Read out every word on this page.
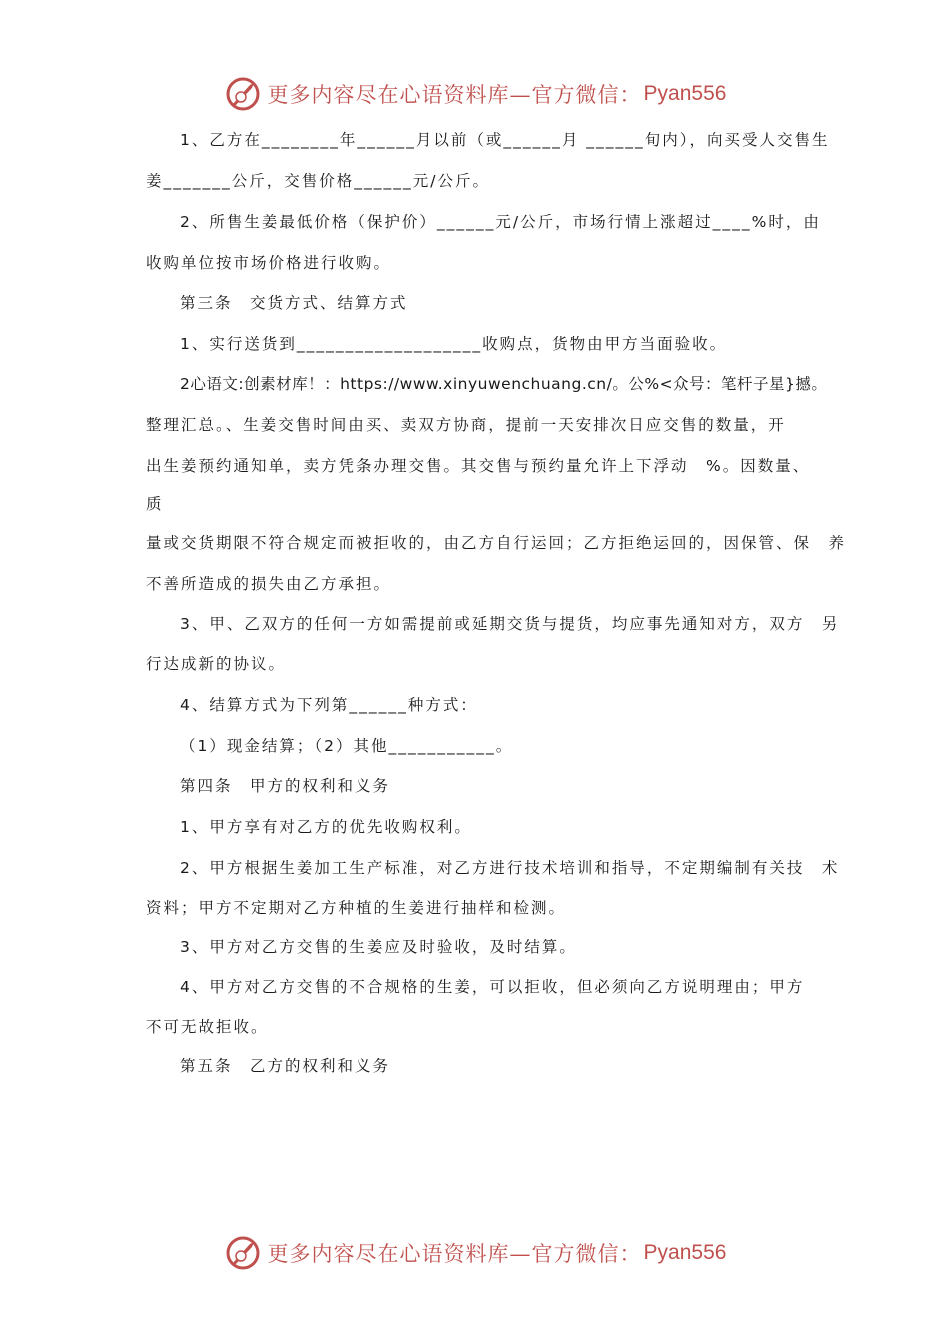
更多内容尽在心语资料库—官方微信： Pyan556
1、乙方在________年______月以前（或______月 ______旬内），向买受人交售生
姜_______公斤，交售价格______元/公斤。
2、所售生姜最低价格（保护价）______元/公斤，市场行情上涨超过____%时，由
收购单位按市场价格进行收购。
第三条　交货方式、结算方式
1、实行送货到___________________收购点，货物由甲方当面验收。
2心语文:创素材库！：https://www.xinyuwenchuang.cn/。公%<众号：笔杆子星}撼。
整理汇总。、生姜交售时间由买、卖双方协商，提前一天安排次日应交售的数量，开
出生姜预约通知单，卖方凭条办理交售。其交售与预约量允许上下浮动　%。因数量、
质
量或交货期限不符合规定而被拒收的，由乙方自行运回；乙方拒绝运回的，因保管、保　养
不善所造成的损失由乙方承担。
3、甲、乙双方的任何一方如需提前或延期交货与提货，均应事先通知对方，双方　另
行达成新的协议。
4、结算方式为下列第______种方式：
（1）现金结算；（2）其他___________。
第四条　甲方的权利和义务
1、甲方享有对乙方的优先收购权利。
2、甲方根据生姜加工生产标准，对乙方进行技术培训和指导，不定期编制有关技　术
资料；甲方不定期对乙方种植的生姜进行抽样和检测。
3、甲方对乙方交售的生姜应及时验收，及时结算。
4、甲方对乙方交售的不合规格的生姜，可以拒收，但必须向乙方说明理由；甲方
不可无故拒收。
第五条　乙方的权利和义务
更多内容尽在心语资料库—官方微信： Pyan556
